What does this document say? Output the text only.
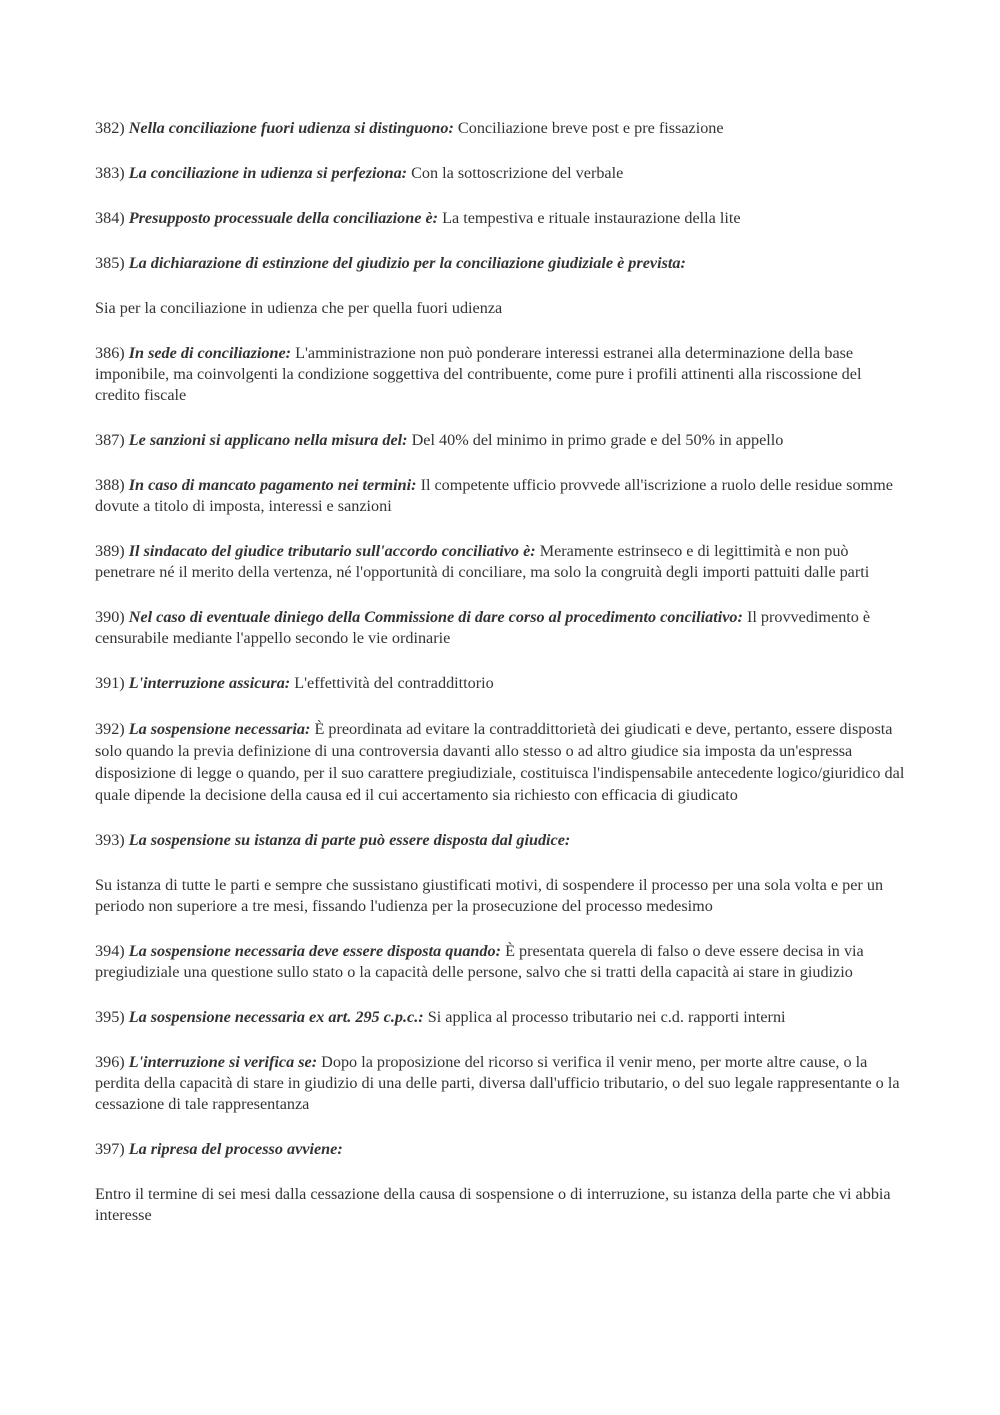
382) Nella conciliazione fuori udienza si distinguono: Conciliazione breve post e pre fissazione
383) La conciliazione in udienza si perfeziona: Con la sottoscrizione del verbale
384) Presupposto processuale della conciliazione è: La tempestiva e rituale instaurazione della lite
385) La dichiarazione di estinzione del giudizio per la conciliazione giudiziale è prevista:
Sia per la conciliazione in udienza che per quella fuori udienza
386) In sede di conciliazione: L'amministrazione non può ponderare interessi estranei alla determinazione della base imponibile, ma coinvolgenti la condizione soggettiva del contribuente, come pure i profili attinenti alla riscossione del credito fiscale
387) Le sanzioni si applicano nella misura del: Del 40% del minimo in primo grade e del 50% in appello
388) In caso di mancato pagamento nei termini: Il competente ufficio provvede all'iscrizione a ruolo delle residue somme dovute a titolo di imposta, interessi e sanzioni
389) Il sindacato del giudice tributario sull'accordo conciliativo è: Meramente estrinseco e di legittimità e non può penetrare né il merito della vertenza, né l'opportunità di conciliare, ma solo la congruità degli importi pattuiti dalle parti
390) Nel caso di eventuale diniego della Commissione di dare corso al procedimento conciliativo: Il provvedimento è censurabile mediante l'appello secondo le vie ordinarie
391) L'interruzione assicura: L'effettività del contraddittorio
392) La sospensione necessaria: È preordinata ad evitare la contraddittorietà dei giudicati e deve, pertanto, essere disposta solo quando la previa definizione di una controversia davanti allo stesso o ad altro giudice sia imposta da un'espressa disposizione di legge o quando, per il suo carattere pregiudiziale, costituisca l'indispensabile antecedente logico/giuridico dal quale dipende la decisione della causa ed il cui accertamento sia richiesto con efficacia di giudicato
393) La sospensione su istanza di parte può essere disposta dal giudice:
Su istanza di tutte le parti e sempre che sussistano giustificati motivi, di sospendere il processo per una sola volta e per un periodo non superiore a tre mesi, fissando l'udienza per la prosecuzione del processo medesimo
394) La sospensione necessaria deve essere disposta quando: È presentata querela di falso o deve essere decisa in via pregiudiziale una questione sullo stato o la capacità delle persone, salvo che si tratti della capacità ai stare in giudizio
395) La sospensione necessaria ex art. 295 c.p.c.: Si applica al processo tributario nei c.d. rapporti interni
396) L'interruzione si verifica se: Dopo la proposizione del ricorso si verifica il venir meno, per morte altre cause, o la perdita della capacità di stare in giudizio di una delle parti, diversa dall'ufficio tributario, o del suo legale rappresentante o la cessazione di tale rappresentanza
397) La ripresa del processo avviene:
Entro il termine di sei mesi dalla cessazione della causa di sospensione o di interruzione, su istanza della parte che vi abbia interesse
